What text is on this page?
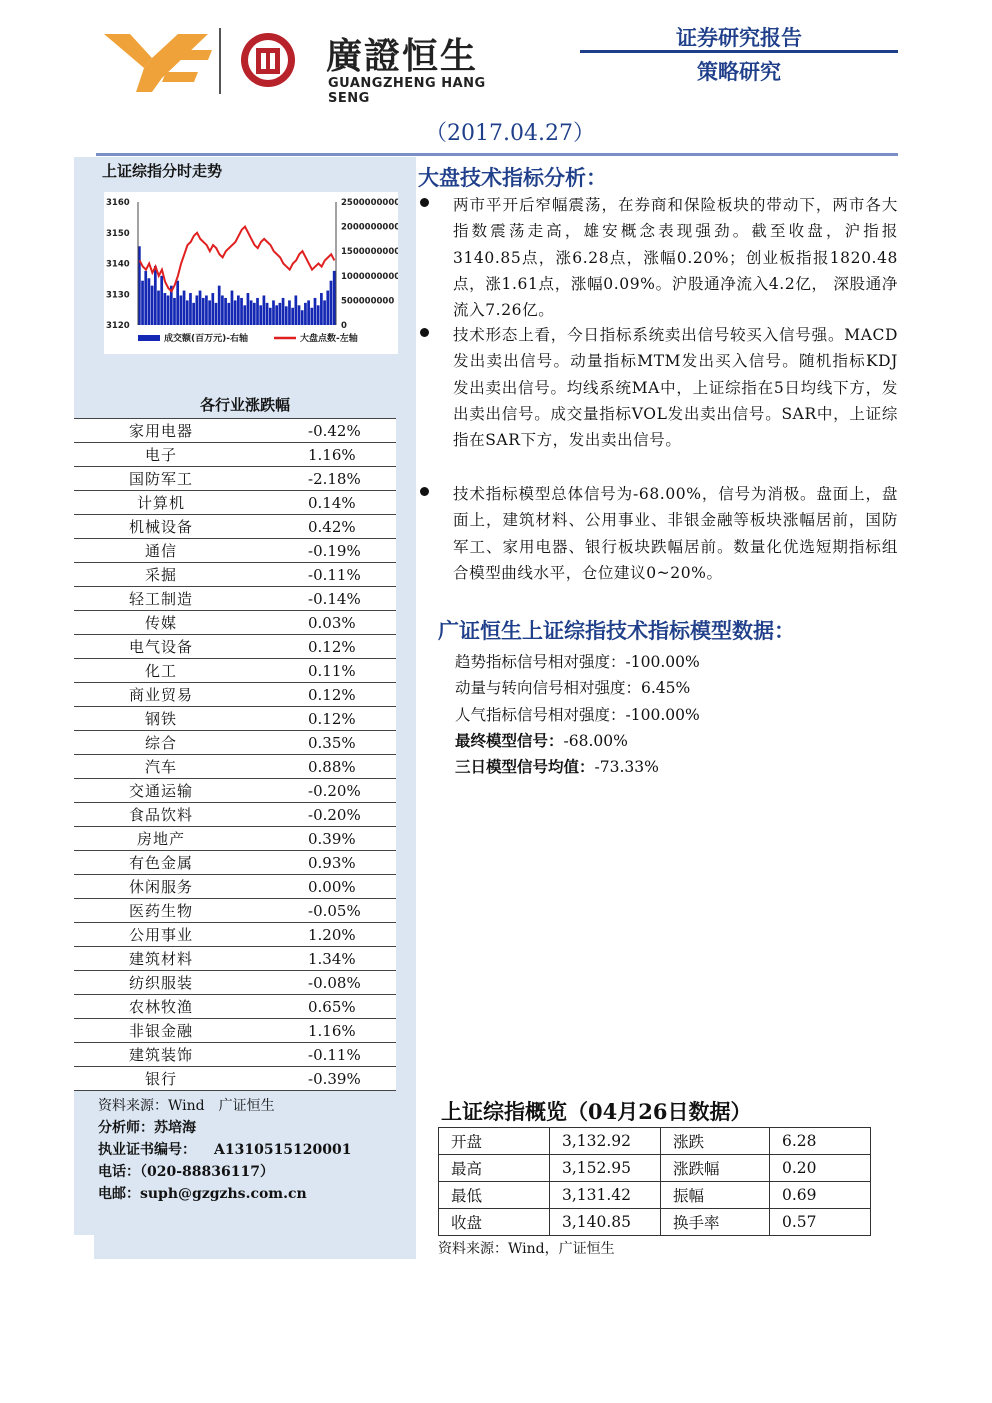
廣證恒生
GUANGZHENG HANG SENG
证券研究报告
策略研究
（2017.04.27）
上证综指分时走势
3160
3150
3140
3130
3120
2500000000
2000000000
1500000000
1000000000
500000000
0
成交额(百万元)-右轴	大盘点数-左轴
各行业涨跌幅
家用电器	-0.42%
电子	1.16%
国防军工	-2.18%
计算机	0.14%
机械设备	0.42%
通信	-0.19%
采掘	-0.11%
轻工制造	-0.14%
传媒	0.03%
电气设备	0.12%
化工	0.11%
商业贸易	0.12%
钢铁	0.12%
综合	0.35%
汽车	0.88%
交通运输	-0.20%
食品饮料	-0.20%
房地产	0.39%
有色金属	0.93%
休闲服务	0.00%
医药生物	-0.05%
公用事业	1.20%
建筑材料	1.34%
纺织服装	-0.08%
农林牧渔	0.65%
非银金融	1.16%
建筑装饰	-0.11%
银行	-0.39%
资料来源：Wind　广证恒生
分析师：苏培海
执业证书编号： A1310515120001
电话：（020-88836117）
电邮：suph@gzgzhs.com.cn
大盘技术指标分析：
两市平开后窄幅震荡，在券商和保险板块的带动下，两市各大指数震荡走高，雄安概念表现强劲。截至收盘，沪指报3140.85点，涨6.28点，涨幅0.20%；创业板指报1820.48点，涨1.61点，涨幅0.09%。沪股通净流入4.2亿， 深股通净流入7.26亿。
技术形态上看，今日指标系统卖出信号较买入信号强。MACD发出卖出信号。动量指标MTM发出买入信号。随机指标KDJ发出卖出信号。均线系统MA中，上证综指在5日均线下方，发出卖出信号。成交量指标VOL发出卖出信号。SAR中，上证综指在SAR下方，发出卖出信号。
技术指标模型总体信号为-68.00%，信号为消极。盘面上，盘面上，建筑材料、公用事业、非银金融等板块涨幅居前，国防军工、家用电器、银行板块跌幅居前。数量化优选短期指标组合模型曲线水平，仓位建议0~20%。
广证恒生上证综指技术指标模型数据：
趋势指标信号相对强度：-100.00%
动量与转向信号相对强度：6.45%
人气指标信号相对强度：-100.00%
最终模型信号：-68.00%
三日模型信号均值：-73.33%
上证综指概览（04月26日数据）
开盘	3,132.92	涨跌	6.28
最高	3,152.95	涨跌幅	0.20
最低	3,131.42	振幅	0.69
收盘	3,140.85	换手率	0.57
资料来源：Wind，广证恒生
